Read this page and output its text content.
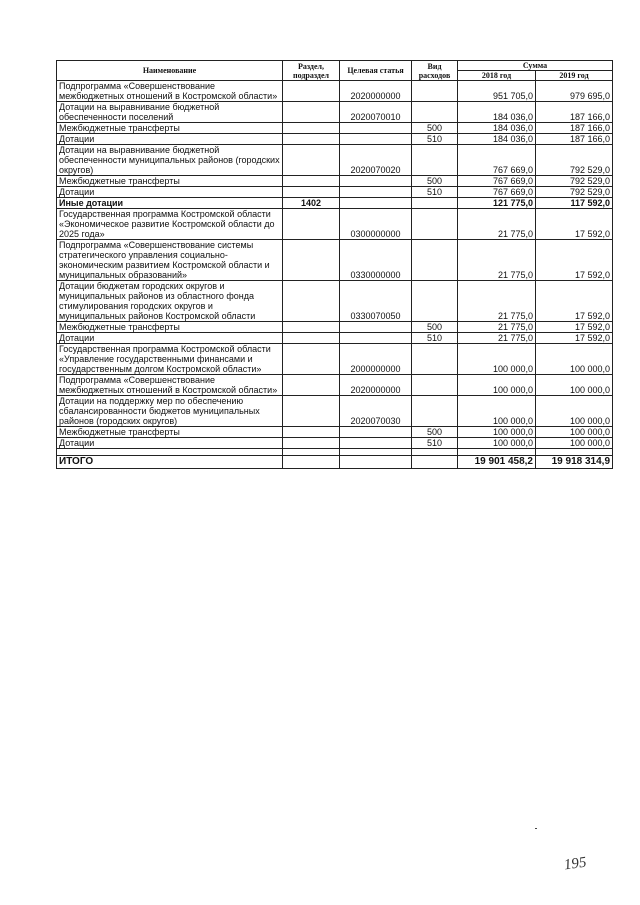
Наименование	Раздел, подраздел	Целевая статья	Вид расходов	Сумма	
				2018 год	2019 год
Подпрограмма «Совершенствование межбюджетных отношений в Костромской области»		2020000000		951 705,0	979 695,0
Дотации на выравнивание бюджетной обеспеченности поселений		2020070010		184 036,0	187 166,0
Межбюджетные трансферты			500	184 036,0	187 166,0
Дотации			510	184 036,0	187 166,0
Дотации на выравнивание бюджетной обеспеченности муниципальных районов (городских округов)		2020070020		767 669,0	792 529,0
Межбюджетные трансферты			500	767 669,0	792 529,0
Дотации			510	767 669,0	792 529,0
Иные дотации	1402			121 775,0	117 592,0
Государственная программа Костромской области «Экономическое развитие Костромской области до 2025 года»		0300000000		21 775,0	17 592,0
Подпрограмма «Совершенствование системы стратегического управления социально-экономическим развитием Костромской области и муниципальных образований»		0330000000		21 775,0	17 592,0
Дотации бюджетам городских округов и муниципальных районов из областного фонда стимулирования городских округов и муниципальных районов Костромской области		0330070050		21 775,0	17 592,0
Межбюджетные трансферты			500	21 775,0	17 592,0
Дотации			510	21 775,0	17 592,0
Государственная программа Костромской области «Управление государственными финансами и государственным долгом Костромской области»		2000000000		100 000,0	100 000,0
Подпрограмма «Совершенствование межбюджетных отношений в Костромской области»		2020000000		100 000,0	100 000,0
Дотации на поддержку мер по обеспечению сбалансированности бюджетов муниципальных районов (городских округов)		2020070030		100 000,0	100 000,0
Межбюджетные трансферты			500	100 000,0	100 000,0
Дотации			510	100 000,0	100 000,0

ИТОГО				19 901 458,2	19 918 314,9
195
